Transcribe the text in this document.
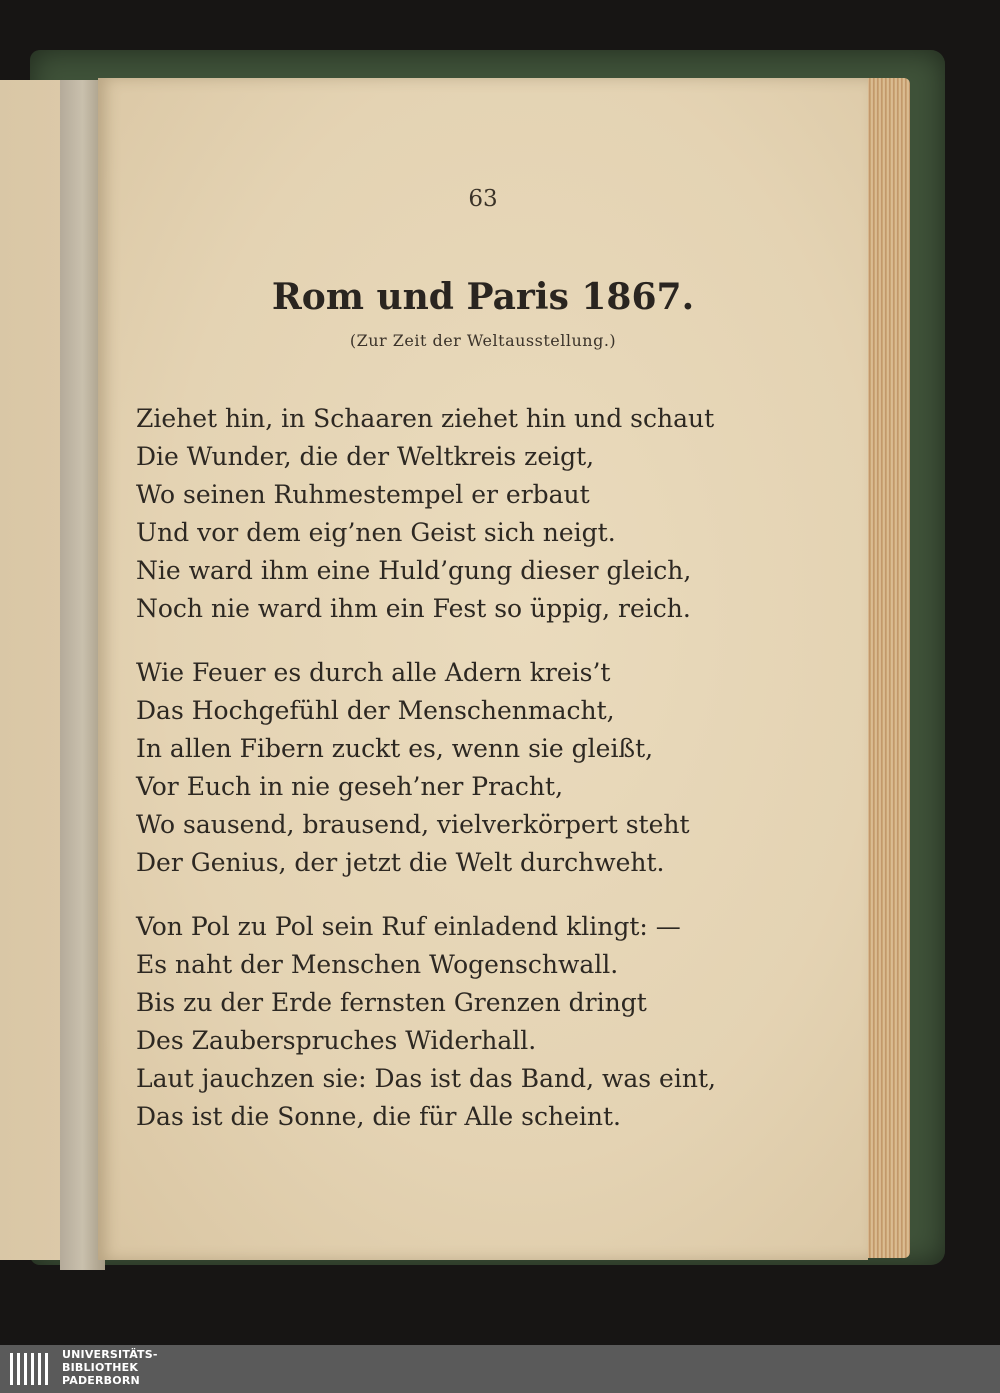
63
Rom und Paris 1867.
(Zur Zeit der Weltausstellung.)
Ziehet hin, in Schaaren ziehet hin und schaut
Die Wunder, die der Weltkreis zeigt,
Wo seinen Ruhmestempel er erbaut
Und vor dem eig’nen Geist sich neigt.
Nie ward ihm eine Huld’gung dieser gleich,
Noch nie ward ihm ein Fest so üppig, reich.
Wie Feuer es durch alle Adern kreis’t
Das Hochgefühl der Menschenmacht,
In allen Fibern zuckt es, wenn sie gleißt,
Vor Euch in nie geseh’ner Pracht,
Wo sausend, brausend, vielverkörpert steht
Der Genius, der jetzt die Welt durchweht.
Von Pol zu Pol sein Ruf einladend klingt: —
Es naht der Menschen Wogenschwall.
Bis zu der Erde fernsten Grenzen dringt
Des Zauberspruches Widerhall.
Laut jauchzen sie: Das ist das Band, was eint,
Das ist die Sonne, die für Alle scheint.
UNIVERSITÄTS-
BIBLIOTHEK
PADERBORN
